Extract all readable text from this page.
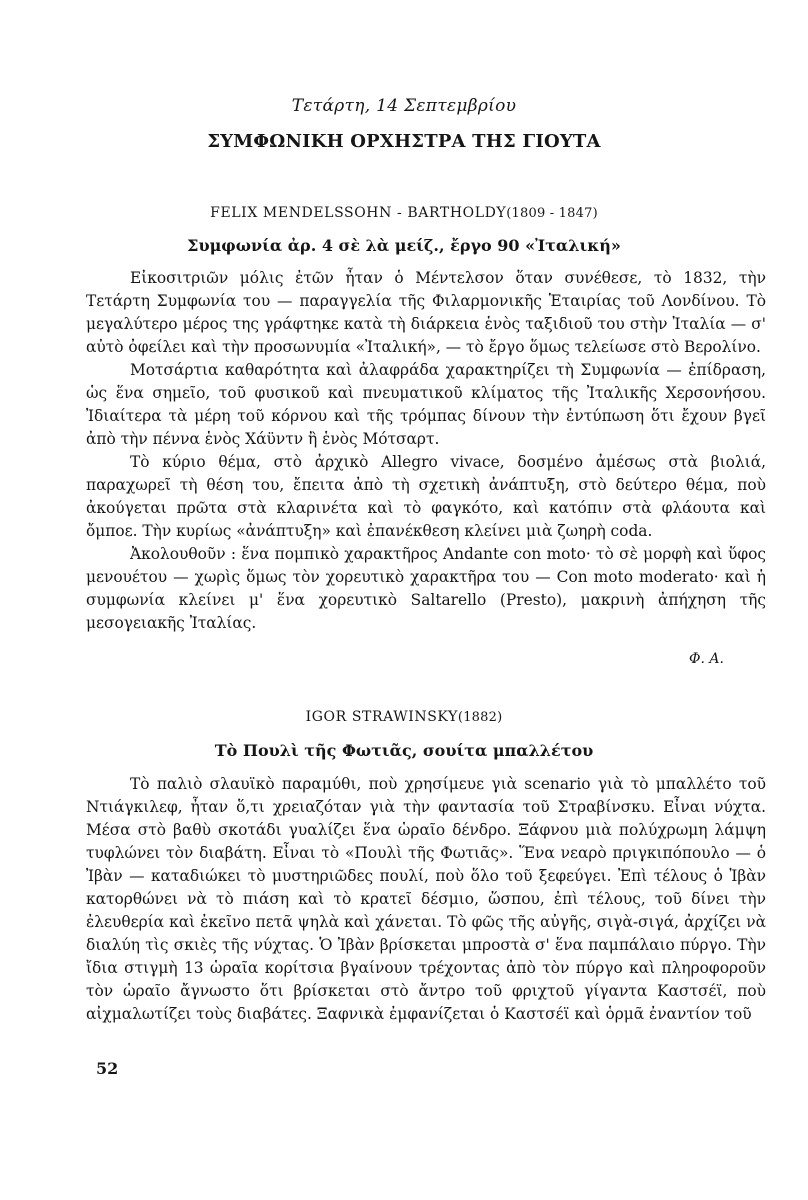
Τετάρτη, 14 Σεπτεμβρίου
ΣΥΜΦΩΝΙΚΗ ΟΡΧΗΣΤΡΑ ΤΗΣ ΓΙΟΥΤΑ
FELIX MENDELSSOHN - BARTHOLDY(1809 - 1847)
Συμφωνία ἀρ. 4 σὲ λὰ μείζ., ἔργο 90 «Ἰταλική»

Εἰκοσιτριῶν μόλις ἐτῶν ἦταν ὁ Μέντελσον ὅταν συνέθεσε, τὸ 1832, τὴν Τετάρτη Συμφωνία του — παραγγελία τῆς Φιλαρμονικῆς Ἑταιρίας τοῦ Λονδίνου. Τὸ μεγαλύτερο μέρος της γράφτηκε κατὰ τὴ διάρκεια ἑνὸς ταξιδιοῦ του στὴν Ἰταλία — σ' αὐτὸ ὀφείλει καὶ τὴν προσωνυμία «Ἰταλική», — τὸ ἔργο ὅμως τελείωσε στὸ Βερολίνο.

Μοτσάρτια καθαρότητα καὶ ἀλαφράδα χαρακτηρίζει τὴ Συμφωνία — ἐπίδραση, ὡς ἕνα σημεῖο, τοῦ φυσικοῦ καὶ πνευματικοῦ κλίματος τῆς Ἰταλικῆς Χερσονήσου. Ἰδιαίτερα τὰ μέρη τοῦ κόρνου καὶ τῆς τρόμπας δίνουν τὴν ἐντύπωση ὅτι ἔχουν βγεῖ ἀπὸ τὴν πέννα ἑνὸς Χάϋντν ἢ ἑνὸς Μότσαρτ.

Τὸ κύριο θέμα, στὸ ἀρχικὸ Allegro vivace, δοσμένο ἀμέσως στὰ βιολιά, παραχωρεῖ τὴ θέση του, ἔπειτα ἀπὸ τὴ σχετικὴ ἀνάπτυξη, στὸ δεύτερο θέμα, ποὺ ἀκούγεται πρῶτα στὰ κλαρινέτα καὶ τὸ φαγκότο, καὶ κατόπιν στὰ φλάουτα καὶ ὄμποε. Τὴν κυρίως «ἀνάπτυξη» καὶ ἐπανέκθεση κλείνει μιὰ ζωηρὴ coda.

Ἀκολουθοῦν : ἕνα πομπικὸ χαρακτῆρος Andante con moto· τὸ σὲ μορφὴ καὶ ὕφος μενουέτου — χωρὶς ὅμως τὸν χορευτικὸ χαρακτῆρα του — Con moto moderato· καὶ ἡ συμφωνία κλείνει μ' ἕνα χορευτικὸ Saltarello (Presto), μακρινὴ ἀπήχηση τῆς μεσογειακῆς Ἰταλίας.

Φ. Α.
IGOR STRAWINSKY(1882)
Τὸ Πουλὶ τῆς Φωτιᾶς, σουίτα μπαλλέτου

Τὸ παλιὸ σλαυϊκὸ παραμύθι, ποὺ χρησίμευε γιὰ scenario γιὰ τὸ μπαλλέτο τοῦ Ντιάγκιλεφ, ἦταν ὅ,τι χρειαζόταν γιὰ τὴν φαντασία τοῦ Στραβίνσκυ. Εἶναι νύχτα. Μέσα στὸ βαθὺ σκοτάδι γυαλίζει ἕνα ὡραῖο δένδρο. Ξάφνου μιὰ πολύχρωμη λάμψη τυφλώνει τὸν διαβάτη. Εἶναι τὸ «Πουλὶ τῆς Φωτιᾶς». Ἕνα νεαρὸ πριγκιπόπουλο — ὁ Ἰβὰν — καταδιώκει τὸ μυστηριῶδες πουλί, ποὺ ὅλο τοῦ ξεφεύγει. Ἐπὶ τέλους ὁ Ἰβὰν κατορθώνει νὰ τὸ πιάση καὶ τὸ κρατεῖ δέσμιο, ὥσπου, ἐπὶ τέλους, τοῦ δίνει τὴν ἐλευθερία καὶ ἐκεῖνο πετᾶ ψηλὰ καὶ χάνεται. Τὸ φῶς τῆς αὐγῆς, σιγὰ-σιγά, ἀρχίζει νὰ διαλύη τὶς σκιὲς τῆς νύχτας. Ὁ Ἰβὰν βρίσκεται μπροστὰ σ' ἕνα παμπάλαιο πύργο. Τὴν ἴδια στιγμὴ 13 ὡραῖα κορίτσια βγαίνουν τρέχοντας ἀπὸ τὸν πύργο καὶ πληροφοροῦν τὸν ὡραῖο ἄγνωστο ὅτι βρίσκεται στὸ ἄντρο τοῦ φριχτοῦ γίγαντα Καστσέϊ, ποὺ αἰχμαλωτίζει τοὺς διαβάτες. Ξαφνικὰ ἐμφανίζεται ὁ Καστσέϊ καὶ ὁρμᾶ ἐναντίον τοῦ

52
